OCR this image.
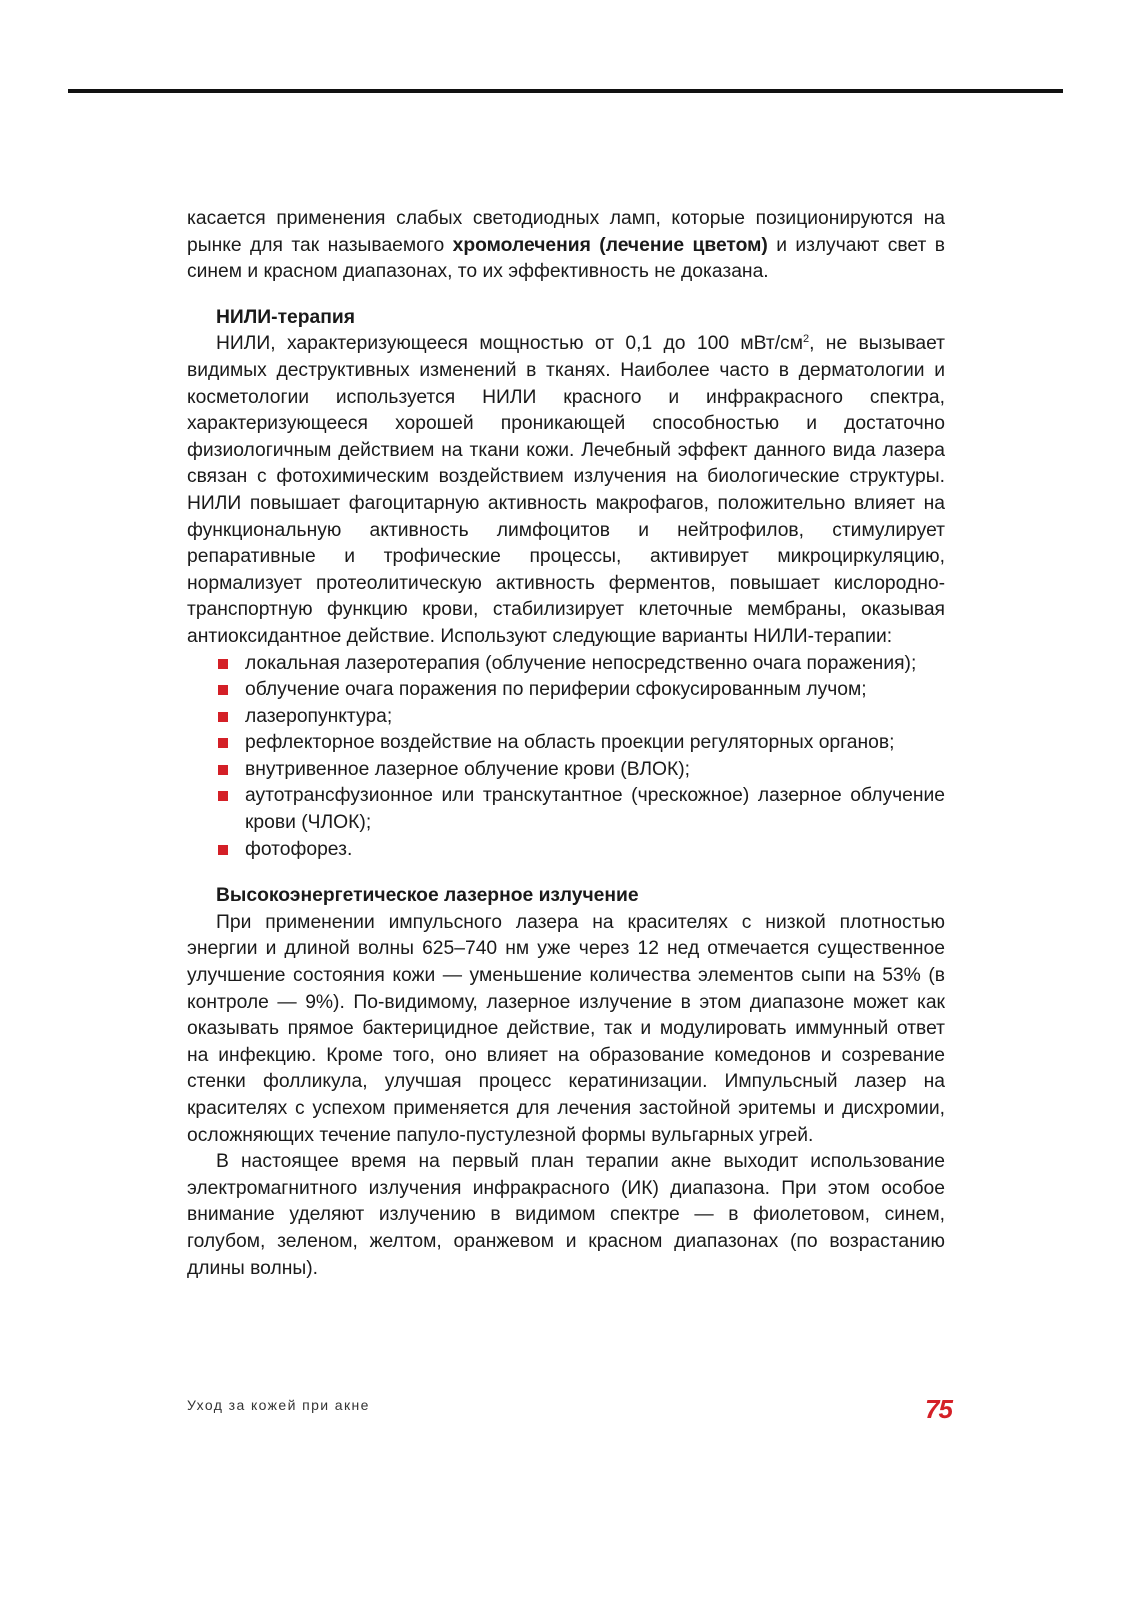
касается применения слабых светодиодных ламп, которые позиционируются на рынке для так называемого хромолечения (лечение цветом) и излучают свет в синем и красном диапазонах, то их эффективность не доказана.

НИЛИ-терапия

НИЛИ, характеризующееся мощностью от 0,1 до 100 мВт/$см^2$, не вызывает видимых деструктивных изменений в тканях. Наиболее часто в дерматологии и косметологии используется НИЛИ красного и инфракрасного спектра, характеризующееся хорошей проникающей способностью и достаточно физиологичным действием на ткани кожи. Лечебный эффект данного вида лазера связан с фотохимическим воздействием излучения на биологические структуры. НИЛИ повышает фагоцитарную активность макрофагов, положительно влияет на функциональную активность лимфоцитов и нейтрофилов, стимулирует репаративные и трофические процессы, активирует микроциркуляцию, нормализует протеолитическую активность ферментов, повышает кислородно-транспортную функцию крови, стабилизирует клеточные мембраны, оказывая антиоксидантное действие. Используют следующие варианты НИЛИ-терапии:

локальная лазеротерапия (облучение непосредственно очага поражения);
облучение очага поражения по периферии сфокусированным лучом;
лазеропунктура;
рефлекторное воздействие на область проекции регуляторных органов;
внутривенное лазерное облучение крови (ВЛОК);
аутотрансфузионное или транскутантное (чрескожное) лазерное облучение крови (ЧЛОК);
фотофорез.
Высокоэнергетическое лазерное излучение

При применении импульсного лазера на красителях с низкой плотностью энергии и длиной волны 625–740 нм уже через 12 нед отмечается существенное улучшение состояния кожи — уменьшение количества элементов сыпи на 53% (в контроле — 9%). По-видимому, лазерное излучение в этом диапазоне может как оказывать прямое бактерицидное действие, так и модулировать иммунный ответ на инфекцию. Кроме того, оно влияет на образование комедонов и созревание стенки фолликула, улучшая процесс кератинизации. Импульсный лазер на красителях с успехом применяется для лечения застойной эритемы и дисхромии, осложняющих течение папуло-пустулезной формы вульгарных угрей.

В настоящее время на первый план терапии акне выходит использование электромагнитного излучения инфракрасного (ИК) диапазона. При этом особое внимание уделяют излучению в видимом спектре — в фиолетовом, синем, голубом, зеленом, желтом, оранжевом и красном диапазонах (по возрастанию длины волны).

Уход за кожей при акне	75
